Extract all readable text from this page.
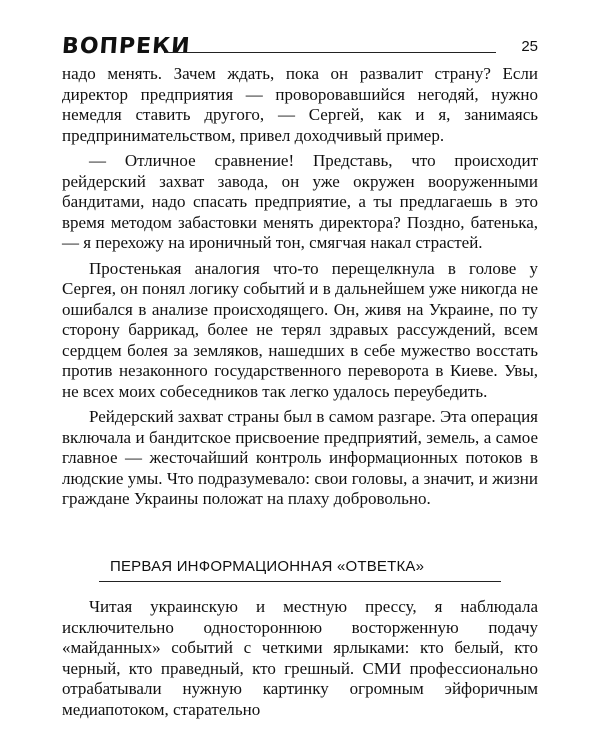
ВОПРЕКИ	25

надо менять. Зачем ждать, пока он развалит страну? Если директор предприятия — проворовавшийся негодяй, нужно немедля ставить другого, — Сергей, как и я, занимаясь предпринимательством, привел доходчивый пример.

— Отличное сравнение! Представь, что происходит рейдерский захват завода, он уже окружен вооруженными бандитами, надо спасать предприятие, а ты предлагаешь в это время методом забастовки менять директора? Поздно, батенька, — я перехожу на ироничный тон, смягчая накал страстей.

Простенькая аналогия что-то перещелкнула в голове у Сергея, он понял логику событий и в дальнейшем уже никогда не ошибался в анализе происходящего. Он, живя на Украине, по ту сторону баррикад, более не терял здравых рассуждений, всем сердцем болея за земляков, нашедших в себе мужество восстать против незаконного государственного переворота в Киеве. Увы, не всех моих собеседников так легко удалось переубедить.

Рейдерский захват страны был в самом разгаре. Эта операция включала и бандитское присвоение предприятий, земель, а самое главное — жесточайший контроль информационных потоков в людские умы. Что подразумевало: свои головы, а значит, и жизни граждане Украины положат на плаху добровольно.

ПЕРВАЯ ИНФОРМАЦИОННАЯ «ОТВЕТКА»

Читая украинскую и местную прессу, я наблюдала исключительно одностороннюю восторженную подачу «майданных» событий с четкими ярлыками: кто белый, кто черный, кто праведный, кто грешный. СМИ профессионально отрабатывали нужную картинку огромным эйфоричным медиапотоком, старательно
